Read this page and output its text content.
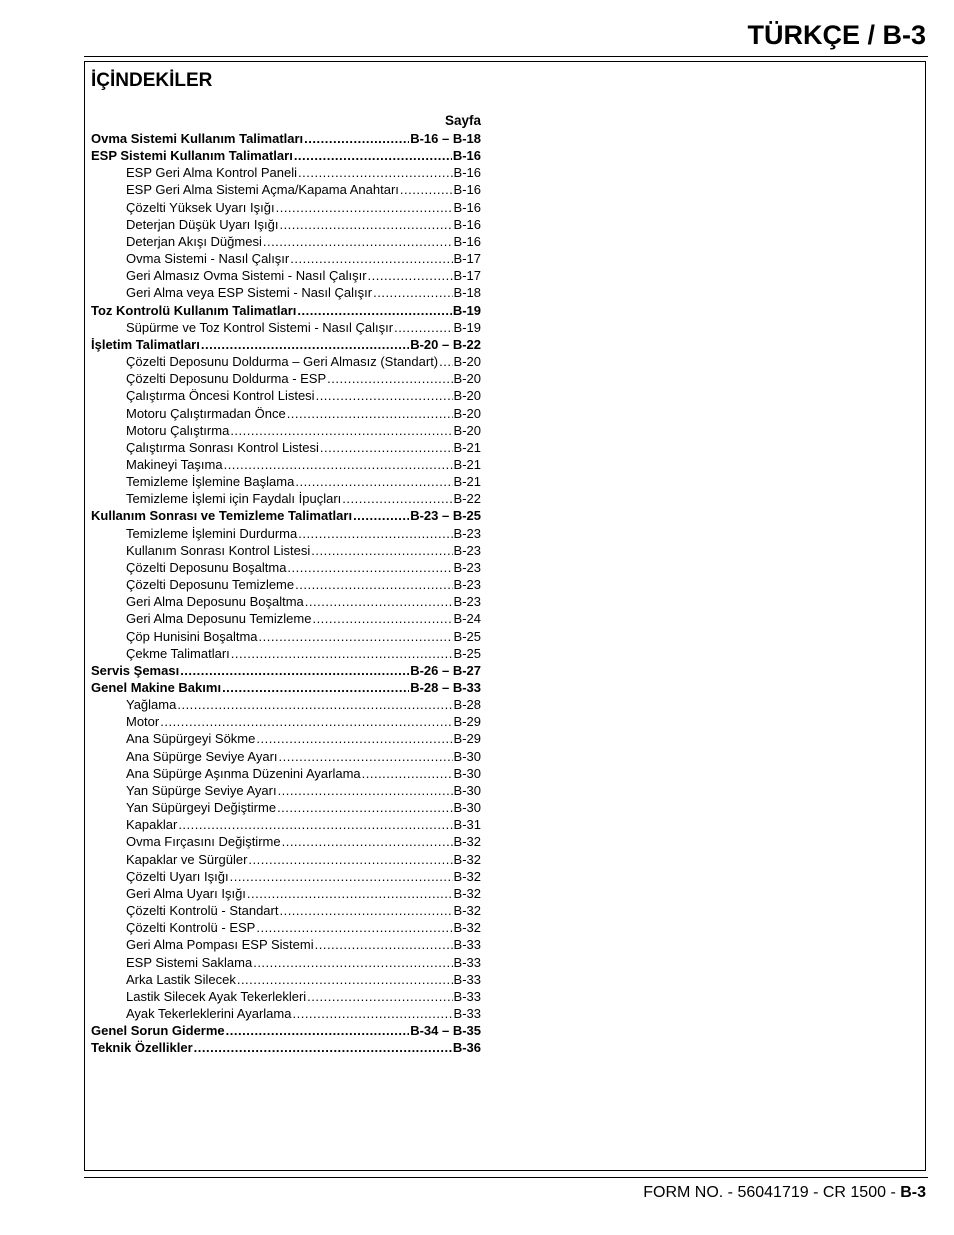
TÜRKÇE / B-3
İÇİNDEKİLER
Sayfa
Ovma Sistemi Kullanım Talimatları .....	B-16 – B-18
ESP Sistemi Kullanım Talimatları .....	B-16
ESP Geri Alma Kontrol Paneli .....	B-16
ESP Geri Alma Sistemi Açma/Kapama Anahtarı .....	B-16
Çözelti Yüksek Uyarı Işığı .....	B-16
Deterjan Düşük Uyarı Işığı .....	B-16
Deterjan Akışı Düğmesi .....	B-16
Ovma Sistemi - Nasıl Çalışır .....	B-17
Geri Almasız Ovma Sistemi - Nasıl Çalışır .....	B-17
Geri Alma veya ESP Sistemi - Nasıl Çalışır .....	B-18
Toz Kontrolü Kullanım Talimatları .....	B-19
Süpürme ve Toz Kontrol Sistemi - Nasıl Çalışır .....	B-19
İşletim Talimatları .....	B-20 – B-22
Çözelti Deposunu Doldurma – Geri Almasız (Standart) ..... B-20
Çözelti Deposunu Doldurma - ESP .....	B-20
Çalıştırma Öncesi Kontrol Listesi .....	B-20
Motoru Çalıştırmadan Önce .....	B-20
Motoru Çalıştırma .....	B-20
Çalıştırma Sonrası Kontrol Listesi .....	B-21
Makineyi Taşıma .....	B-21
Temizleme İşlemine Başlama .....	B-21
Temizleme İşlemi için Faydalı İpuçları .....	B-22
Kullanım Sonrası ve Temizleme Talimatları .....	B-23 – B-25
Temizleme İşlemini Durdurma .....	B-23
Kullanım Sonrası Kontrol Listesi .....	B-23
Çözelti Deposunu Boşaltma .....	B-23
Çözelti Deposunu Temizleme .....	B-23
Geri Alma Deposunu Boşaltma .....	B-23
Geri Alma Deposunu Temizleme .....	B-24
Çöp Hunisini Boşaltma .....	B-25
Çekme Talimatları .....	B-25
Servis Şeması .....	B-26 – B-27
Genel Makine Bakımı .....	B-28 – B-33
Yağlama .....	B-28
Motor .....	B-29
Ana Süpürgeyi Sökme .....	B-29
Ana Süpürge Seviye Ayarı .....	B-30
Ana Süpürge Aşınma Düzenini Ayarlama .....	B-30
Yan Süpürge Seviye Ayarı .....	B-30
Yan Süpürgeyi Değiştirme .....	B-30
Kapaklar .....	B-31
Ovma Fırçasını Değiştirme .....	B-32
Kapaklar ve Sürgüler .....	B-32
Çözelti Uyarı Işığı .....	B-32
Geri Alma Uyarı Işığı .....	B-32
Çözelti Kontrolü - Standart .....	B-32
Çözelti Kontrolü - ESP .....	B-32
Geri Alma Pompası ESP Sistemi .....	B-33
ESP Sistemi Saklama .....	B-33
Arka Lastik Silecek .....	B-33
Lastik Silecek Ayak Tekerlekleri .....	B-33
Ayak Tekerleklerini Ayarlama .....	B-33
Genel Sorun Giderme .....	B-34 – B-35
Teknik Özellikler .....	B-36
FORM NO. - 56041719 - CR 1500 - B-3
